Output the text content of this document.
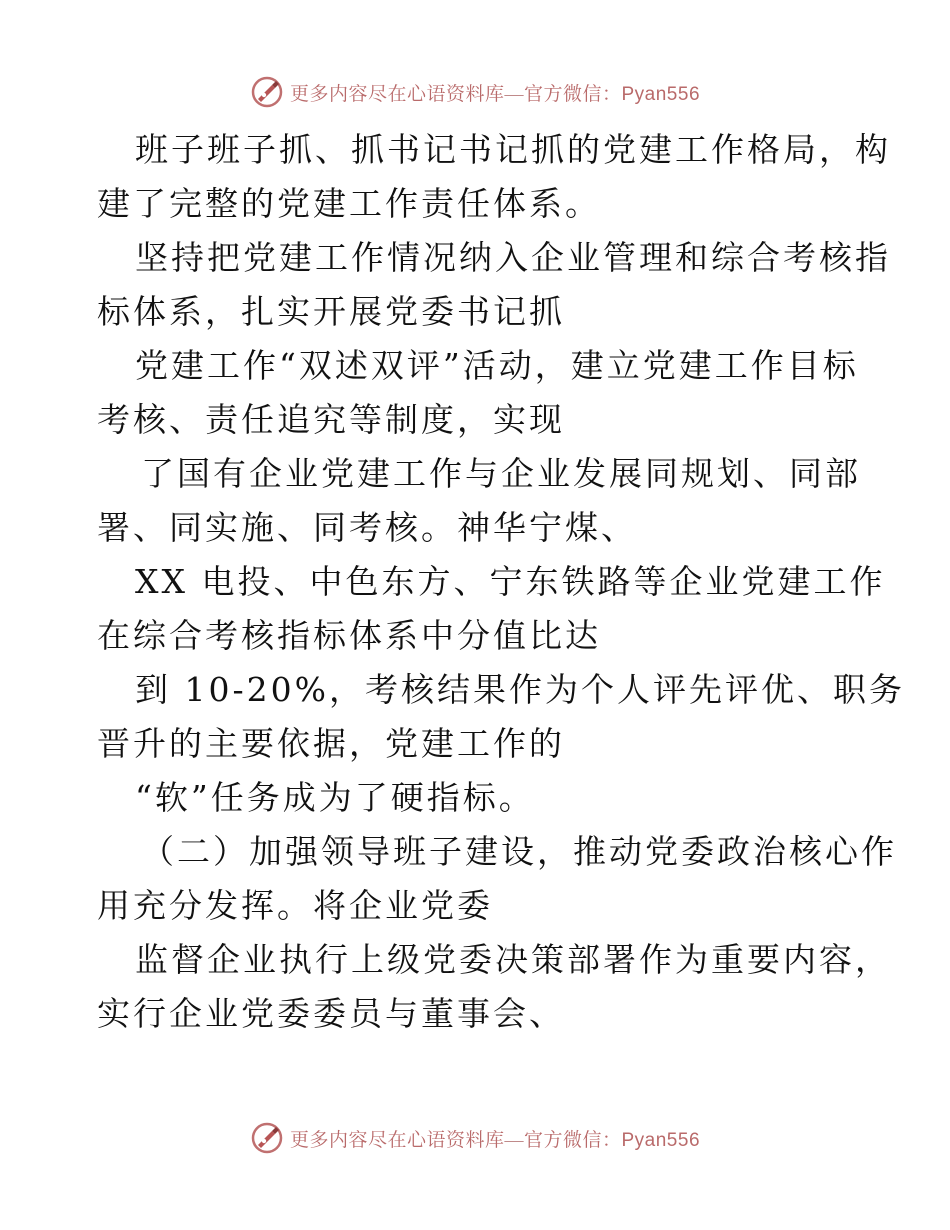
更多内容尽在心语资料库—官方微信：Pyan556
班子班子抓、抓书记书记抓的党建工作格局，构
建了完整的党建工作责任体系。
坚持把党建工作情况纳入企业管理和综合考核指
标体系，扎实开展党委书记抓
党建工作“双述双评”活动，建立党建工作目标
考核、责任追究等制度，实现
了国有企业党建工作与企业发展同规划、同部
署、同实施、同考核。神华宁煤、
XX 电投、中色东方、宁东铁路等企业党建工作
在综合考核指标体系中分值比达
到 10-20%，考核结果作为个人评先评优、职务
晋升的主要依据，党建工作的
“软”任务成为了硬指标。
（二）加强领导班子建设，推动党委政治核心作
用充分发挥。将企业党委
监督企业执行上级党委决策部署作为重要内容，
实行企业党委委员与董事会、
更多内容尽在心语资料库—官方微信：Pyan556
